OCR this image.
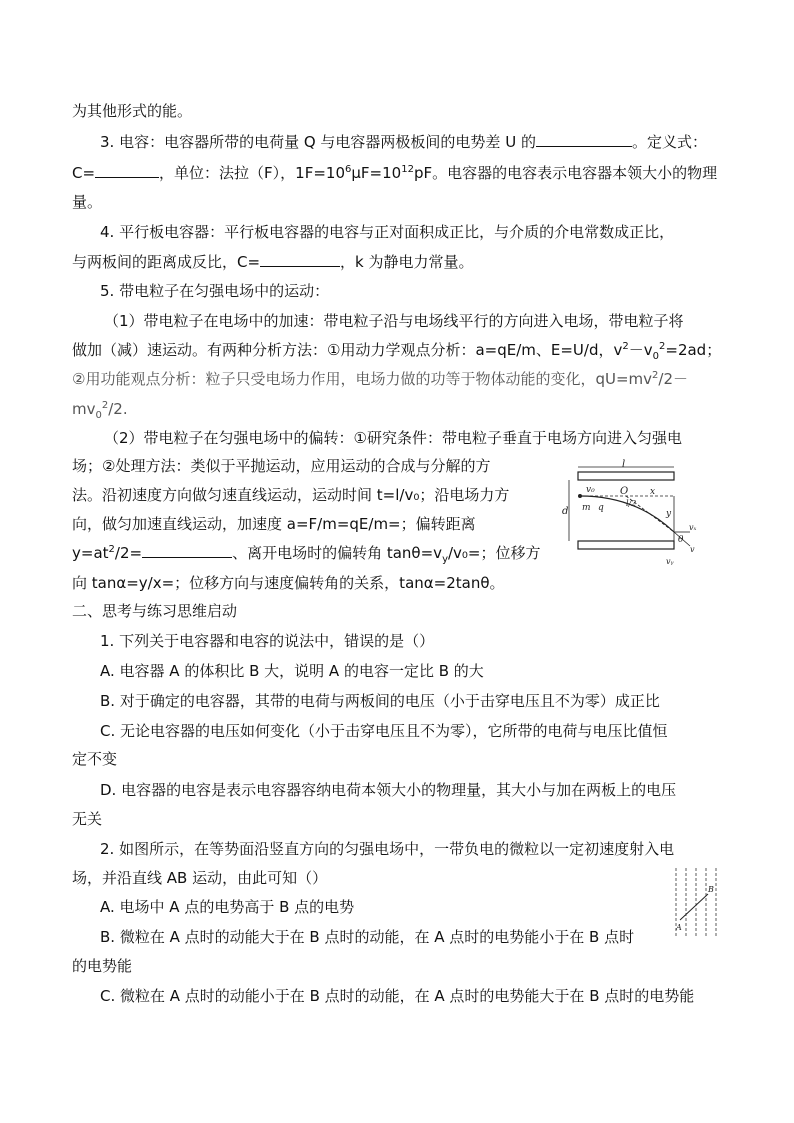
为其他形式的能。
3. 电容：电容器所带的电荷量 Q 与电容器两极板间的电势差 U 的	。定义式：
C=	，单位：法拉（F），$1F=10^6\mu F=10^{12}pF$。电容器的电容表示电容器本领大小的物理
量。
4. 平行板电容器：平行板电容器的电容与正对面积成正比，与介质的介电常数成正比，
与两板间的距离成反比，C=	，k 为静电力常量。
5. 带电粒子在匀强电场中的运动：
（1）带电粒子在电场中的加速：带电粒子沿与电场线平行的方向进入电场，带电粒子将
做加（减）速运动。有两种分析方法：①用动力学观点分析：a=qE/m、E=U/d，$v^2-v_0^2=2ad$；
②用功能观点分析：粒子只受电场力作用，电场力做的功等于物体动能的变化，$qU=mv^2/2-$
$mv_0^2/2$.
（2）带电粒子在匀强电场中的偏转：①研究条件：带电粒子垂直于电场方向进入匀强电
场；②处理方法：类似于平抛运动，应用运动的合成与分解的方
法。沿初速度方向做匀速直线运动，运动时间 t=l/v₀；沿电场力方
向，做匀加速直线运动，加速度 a=F/m=qE/m=；偏转距离
$y=at^2/2=$	、离开电场时的偏转角 $\tan\theta=v_y/v_0=$；位移方
向 tanα=y/x=；位移方向与速度偏转角的关系，tanα=2tanθ。
二、思考与练习思维启动
1. 下列关于电容器和电容的说法中，错误的是（）
A. 电容器 A 的体积比 B 大，说明 A 的电容一定比 B 的大
B. 对于确定的电容器，其带的电荷与两板间的电压（小于击穿电压且不为零）成正比
C. 无论电容器的电压如何变化（小于击穿电压且不为零），它所带的电荷与电压比值恒
定不变
D. 电容器的电容是表示电容器容纳电荷本领大小的物理量，其大小与加在两板上的电压
无关
2. 如图所示，在等势面沿竖直方向的匀强电场中，一带负电的微粒以一定初速度射入电
场，并沿直线 AB 运动，由此可知（）
A. 电场中 A 点的电势高于 B 点的电势
B. 微粒在 A 点时的动能大于在 B 点时的动能，在 A 点时的电势能小于在 B 点时
的电势能
C. 微粒在 A 点时的动能小于在 B 点时的动能，在 A 点时的电势能大于在 B 点时的电势能
l
d
v₀	O x
l/2
m q
y
θ
vₓ
v
vᵧ
A
B
